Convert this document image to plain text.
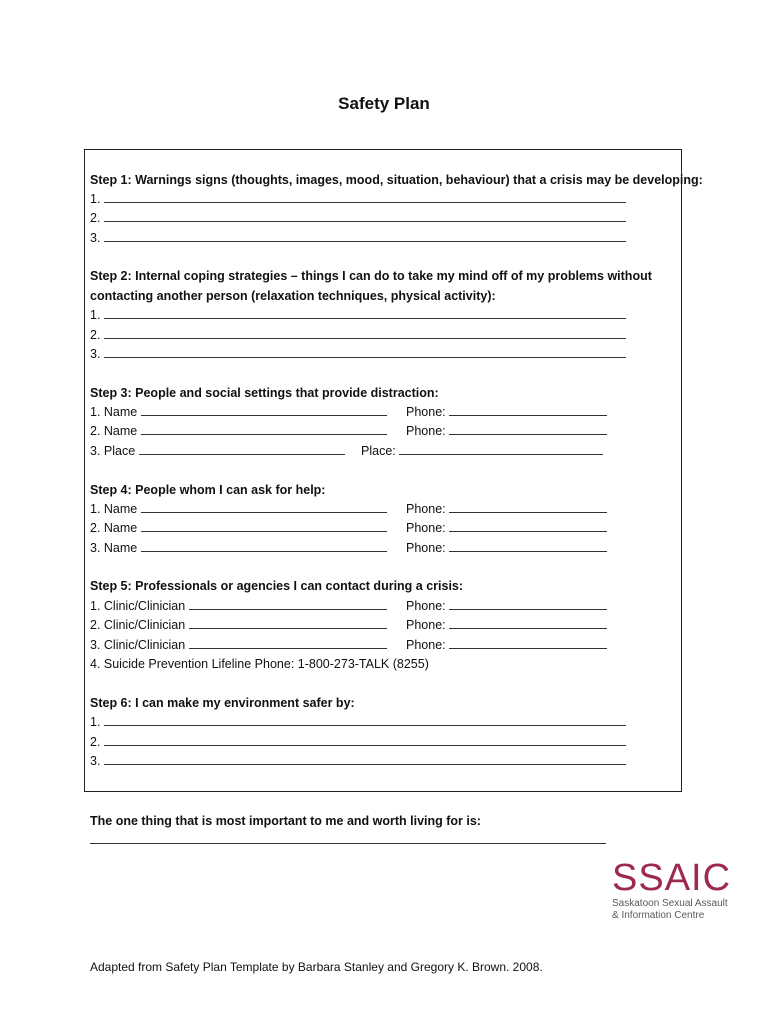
Safety Plan
Step 1: Warnings signs (thoughts, images, mood, situation, behaviour) that a crisis may be developing:
1.
2.
3.
Step 2: Internal coping strategies – things I can do to take my mind off of my problems without
contacting another person (relaxation techniques, physical activity):
1.
2.
3.
Step 3: People and social settings that provide distraction:
1. Name	Phone:
2. Name	Phone:
3. Place	Place:
Step 4: People whom I can ask for help:
1. Name	Phone:
2. Name	Phone:
3. Name	Phone:
Step 5: Professionals or agencies I can contact during a crisis:
1. Clinic/Clinician	Phone:
2. Clinic/Clinician	Phone:
3. Clinic/Clinician	Phone:
4. Suicide Prevention Lifeline Phone: 1-800-273-TALK (8255)
Step 6: I can make my environment safer by:
1.
2.
3.
The one thing that is most important to me and worth living for is:
SSAIC
Saskatoon Sexual Assault
& Information Centre
Adapted from Safety Plan Template by Barbara Stanley and Gregory K. Brown. 2008.
